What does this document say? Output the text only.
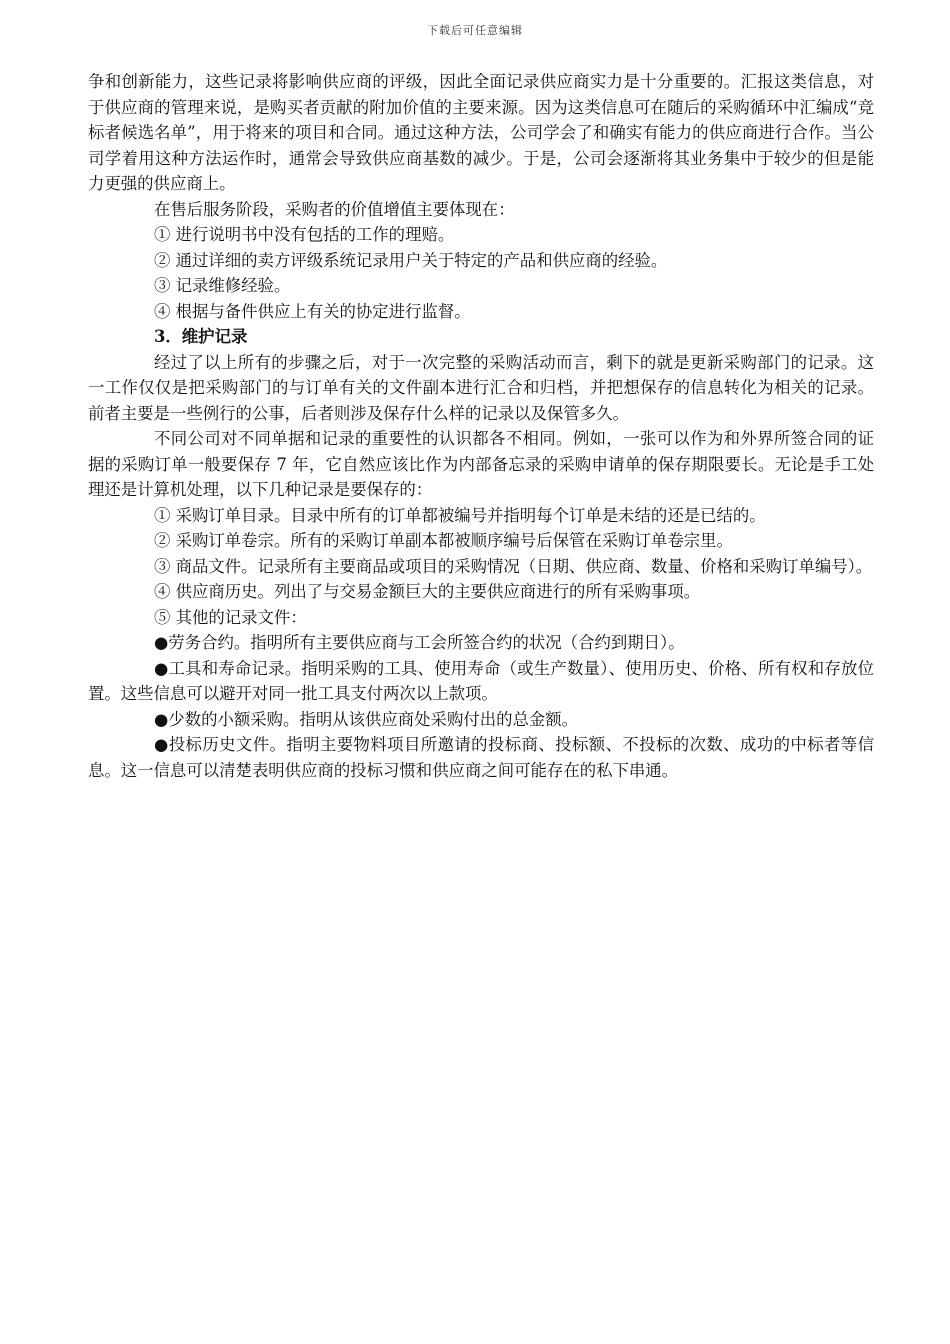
下载后可任意编辑

争和创新能力，这些记录将影响供应商的评级，因此全面记录供应商实力是十分重要的。汇报这类信息，对于供应商的管理来说，是购买者贡献的附加价值的主要来源。因为这类信息可在随后的采购循环中汇编成“竞标者候选名单”，用于将来的项目和合同。通过这种方法，公司学会了和确实有能力的供应商进行合作。当公司学着用这种方法运作时，通常会导致供应商基数的减少。于是，公司会逐渐将其业务集中于较少的但是能力更强的供应商上。

在售后服务阶段，采购者的价值增值主要体现在：

① 进行说明书中没有包括的工作的理赔。

② 通过详细的卖方评级系统记录用户关于特定的产品和供应商的经验。

③ 记录维修经验。

④ 根据与备件供应上有关的协定进行监督。

3．维护记录

经过了以上所有的步骤之后，对于一次完整的采购活动而言，剩下的就是更新采购部门的记录。这一工作仅仅是把采购部门的与订单有关的文件副本进行汇合和归档，并把想保存的信息转化为相关的记录。前者主要是一些例行的公事，后者则涉及保存什么样的记录以及保管多久。

不同公司对不同单据和记录的重要性的认识都各不相同。例如，一张可以作为和外界所签合同的证据的采购订单一般要保存 7 年，它自然应该比作为内部备忘录的采购申请单的保存期限要长。无论是手工处理还是计算机处理，以下几种记录是要保存的：

① 采购订单目录。目录中所有的订单都被编号并指明每个订单是未结的还是已结的。

② 采购订单卷宗。所有的采购订单副本都被顺序编号后保管在采购订单卷宗里。

③ 商品文件。记录所有主要商品或项目的采购情况（日期、供应商、数量、价格和采购订单编号）。

④ 供应商历史。列出了与交易金额巨大的主要供应商进行的所有采购事项。

⑤ 其他的记录文件：

●劳务合约。指明所有主要供应商与工会所签合约的状况（合约到期日）。

●工具和寿命记录。指明采购的工具、使用寿命（或生产数量）、使用历史、价格、所有权和存放位置。这些信息可以避开对同一批工具支付两次以上款项。

●少数的小额采购。指明从该供应商处采购付出的总金额。

●投标历史文件。指明主要物料项目所邀请的投标商、投标额、不投标的次数、成功的中标者等信息。这一信息可以清楚表明供应商的投标习惯和供应商之间可能存在的私下串通。
